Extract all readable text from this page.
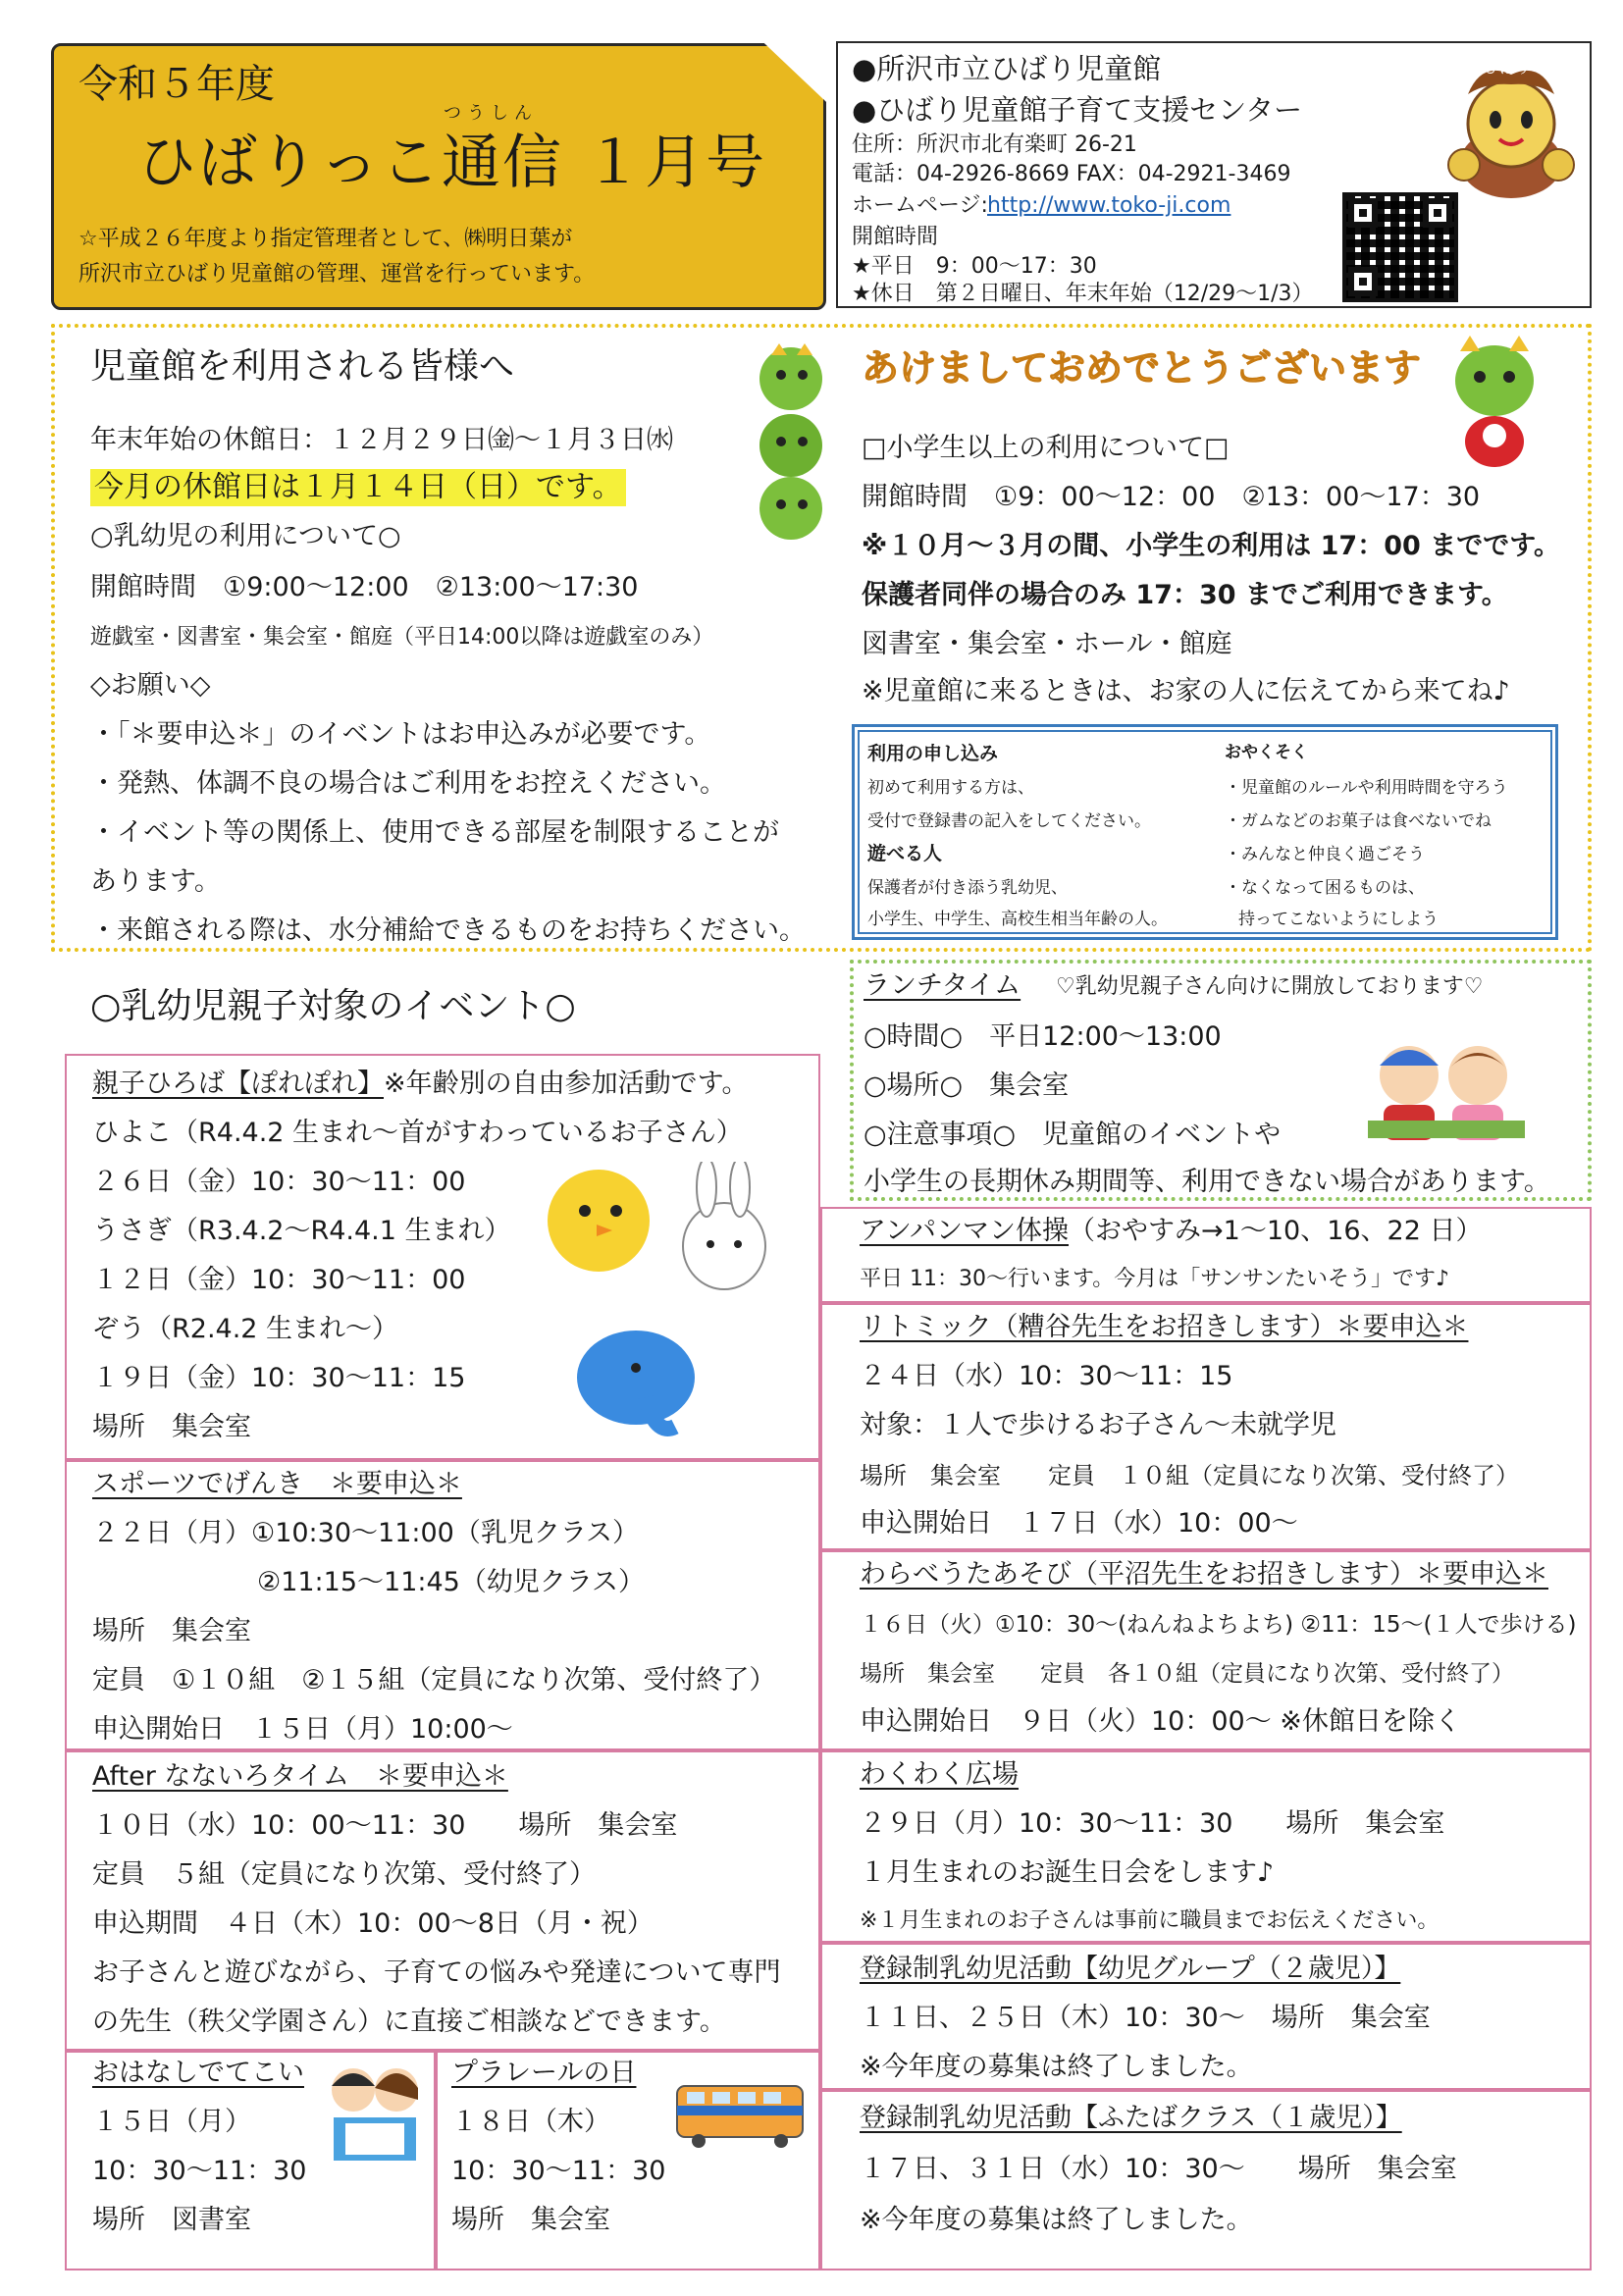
令和５年度
つうしん
ひばりっこ通信 １月号
☆平成２６年度より指定管理者として、㈱明日葉が
所沢市立ひばり児童館の管理、運営を行っています。
●所沢市立ひばり児童館
●ひばり児童館子育て支援センター
住所：所沢市北有楽町 26-21
電話：04-2926-8669 FAX：04-2921-3469
ホームページ: http://www.toko-ji.com
開館時間
★平日　9：00～17：30
★休日　第２日曜日、年末年始（12/29～1/3）
ひばり
児童館を利用される皆様へ
年末年始の休館日：１２月２９日㈮～１月３日㈬
今月の休館日は１月１４日（日）です。
○乳幼児の利用について○
開館時間　①9:00～12:00　②13:00～17:30
遊戯室・図書室・集会室・館庭（平日14:00以降は遊戯室のみ）
◇お願い◇
・「＊要申込＊」のイベントはお申込みが必要です。
・発熱、体調不良の場合はご利用をお控えください。
・イベント等の関係上、使用できる部屋を制限することが
あります。
・来館される際は、水分補給できるものをお持ちください。
あけましておめでとうございます
□小学生以上の利用について□
開館時間　①9：00～12：00　②13：00～17：30
※１０月～３月の間、小学生の利用は 17：00 までです。
保護者同伴の場合のみ 17：30 までご利用できます。
図書室・集会室・ホール・館庭
※児童館に来るときは、お家の人に伝えてから来てね♪
利用の申し込み
初めて利用する方は、
受付で登録書の記入をしてください。
遊べる人
保護者が付き添う乳幼児、
小学生、中学生、高校生相当年齢の人。
おやくそく
・児童館のルールや利用時間を守ろう
・ガムなどのお菓子は食べないでね
・みんなと仲良く過ごそう
・なくなって困るものは、
持ってこないようにしよう
ランチタイム ♡乳幼児親子さん向けに開放しております♡
○時間○　平日12:00～13:00
○場所○　集会室
○注意事項○　児童館のイベントや
小学生の長期休み期間等、利用できない場合があります。
○乳幼児親子対象のイベント○
親子ひろば【ぽれぽれ】※年齢別の自由参加活動です。
ひよこ（R4.4.2 生まれ～首がすわっているお子さん）
２６日（金）10：30～11：00
うさぎ（R3.4.2～R4.4.1 生まれ）
１２日（金）10：30～11：00
ぞう（R2.4.2 生まれ～）
１９日（金）10：30～11：15
場所　集会室
スポーツでげんき　＊要申込＊
２２日（月）①10:30～11:00（乳児クラス）
②11:15～11:45（幼児クラス）
場所　集会室
定員　①１０組　②１５組（定員になり次第、受付終了）
申込開始日　１５日（月）10:00～
After なないろタイム　＊要申込＊
１０日（水）10：00～11：30　　場所　集会室
定員　５組（定員になり次第、受付終了）
申込期間　４日（木）10：00～8日（月・祝）
お子さんと遊びながら、子育ての悩みや発達について専門
の先生（秩父学園さん）に直接ご相談などできます。
おはなしでてこい
１５日（月）
10：30～11：30
場所　図書室
プラレールの日
１８日（木）
10：30～11：30
場所　集会室
アンパンマン体操（おやすみ→1～10、16、22 日）
平日 11：30～行います。今月は「サンサンたいそう」です♪
リトミック（糟谷先生をお招きします）＊要申込＊
２４日（水）10：30～11：15
対象：１人で歩けるお子さん～未就学児
場所　集会室　　定員　１０組（定員になり次第、受付終了）
申込開始日　１７日（水）10：00～
わらべうたあそび（平沼先生をお招きします）＊要申込＊
１６日（火）①10：30～(ねんねよちよち) ②11：15～(１人で歩ける)
場所　集会室　　定員　各１０組（定員になり次第、受付終了）
申込開始日　９日（火）10：00～ ※休館日を除く
わくわく広場
２９日（月）10：30～11：30　　場所　集会室
１月生まれのお誕生日会をします♪
※１月生まれのお子さんは事前に職員までお伝えください。
登録制乳幼児活動【幼児グループ（２歳児）】
１１日、２５日（木）10：30～　場所　集会室
※今年度の募集は終了しました。
登録制乳幼児活動【ふたばクラス（１歳児）】
１７日、３１日（水）10：30～　　場所　集会室
※今年度の募集は終了しました。
